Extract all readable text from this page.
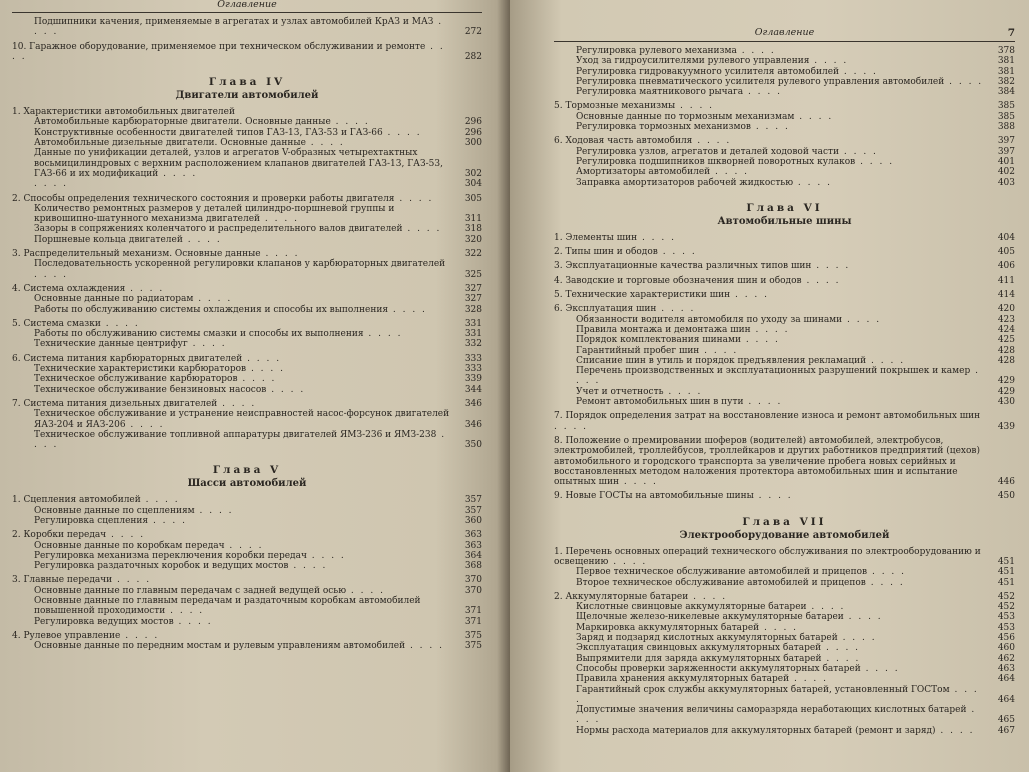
Оглавление
Подшипники качения, применяемые в агрегатах и узлах автомобилей КрАЗ и МАЗ . . . .	272
10. Гаражное оборудование, применяемое при техническом обслуживании и ремонте . . . .	282
Глава IV
Двигатели автомобилей
1. Характеристики автомобильных двигателей
Автомобильные карбюраторные двигатели. Основные данные . . . .	296
Конструктивные особенности двигателей типов ГАЗ-13, ГАЗ-53 и ГАЗ-66 . . . .	296
Автомобильные дизельные двигатели. Основные данные . . . .	300
Данные по унификации деталей, узлов и агрегатов V-образных четырехтактных восьмицилиндровых с верхним расположением клапанов двигателей ГАЗ-13, ГАЗ-53, ГАЗ-66 и их модификаций . . . .	302
. . . .	304
2. Способы определения технического состояния и проверки работы двигателя . . . .	305
Количество ремонтных размеров у деталей цилиндро-поршневой группы и кривошипно-шатунного механизма двигателей . . . .	311
Зазоры в сопряжениях коленчатого и распределительного валов двигателей . . . .	318
Поршневые кольца двигателей . . . .	320
3. Распределительный механизм. Основные данные . . . .	322
Последовательность ускоренной регулировки клапанов у карбюраторных двигателей . . . .	325
4. Система охлаждения . . . .	327
Основные данные по радиаторам . . . .	327
Работы по обслуживанию системы охлаждения и способы их выполнения . . . .	328
5. Система смазки . . . .	331
Работы по обслуживанию системы смазки и способы их выполнения . . . .	331
Технические данные центрифуг . . . .	332
6. Система питания карбюраторных двигателей . . . .	333
Технические характеристики карбюраторов . . . .	333
Техническое обслуживание карбюраторов . . . .	339
Техническое обслуживание бензиновых насосов . . . .	344
7. Система питания дизельных двигателей . . . .	346
Техническое обслуживание и устранение неисправностей насос-форсунок двигателей ЯАЗ-204 и ЯАЗ-206 . . . .	346
Техническое обслуживание топливной аппаратуры двигателей ЯМЗ-236 и ЯМЗ-238 . . . .	350
Глава V
Шасси автомобилей
1. Сцепления автомобилей . . . .	357
Основные данные по сцеплениям . . . .	357
Регулировка сцепления . . . .	360
2. Коробки передач . . . .	363
Основные данные по коробкам передач . . . .	363
Регулировка механизма переключения коробки передач . . . .	364
Регулировка раздаточных коробок и ведущих мостов . . . .	368
3. Главные передачи . . . .	370
Основные данные по главным передачам с задней ведущей осью . . . .	370
Основные данные по главным передачам и раздаточным коробкам автомобилей повышенной проходимости . . . .	371
Регулировка ведущих мостов . . . .	371
4. Рулевое управление . . . .	375
Основные данные по передним мостам и рулевым управлениям автомобилей . . . .	375
Оглавление	7
Регулировка рулевого механизма . . . .	378
Уход за гидроусилителями рулевого управления . . . .	381
Регулировка гидровакуумного усилителя автомобилей . . . .	381
Регулировка пневматического усилителя рулевого управления автомобилей . . . .	382
Регулировка маятникового рычага . . . .	384
5. Тормозные механизмы . . . .	385
Основные данные по тормозным механизмам . . . .	385
Регулировка тормозных механизмов . . . .	388
6. Ходовая часть автомобиля . . . .	397
Регулировка узлов, агрегатов и деталей ходовой части . . . .	397
Регулировка подшипников шкворней поворотных кулаков . . . .	401
Амортизаторы автомобилей . . . .	402
Заправка амортизаторов рабочей жидкостью . . . .	403
Глава VI
Автомобильные шины
1. Элементы шин . . . .	404
2. Типы шин и ободов . . . .	405
3. Эксплуатационные качества различных типов шин . . . .	406
4. Заводские и торговые обозначения шин и ободов . . . .	411
5. Технические характеристики шин . . . .	414
6. Эксплуатация шин . . . .	420
Обязанности водителя автомобиля по уходу за шинами . . . .	423
Правила монтажа и демонтажа шин . . . .	424
Порядок комплектования шинами . . . .	425
Гарантийный пробег шин . . . .	428
Списание шин в утиль и порядок предъявления рекламаций . . . .	428
Перечень производственных и эксплуатационных разрушений покрышек и камер . . . .	429
Учет и отчетность . . . .	429
Ремонт автомобильных шин в пути . . . .	430
7. Порядок определения затрат на восстановление износа и ремонт автомобильных шин . . . .	439
8. Положение о премировании шоферов (водителей) автомобилей, электробусов, электромобилей, троллейбусов, троллейкаров и других работников предприятий (цехов) автомобильного и городского транспорта за увеличение пробега новых серийных и восстановленных методом наложения протектора автомобильных шин и испытание опытных шин . . . .	446
9. Новые ГОСТы на автомобильные шины . . . .	450
Глава VII
Электрооборудование автомобилей
1. Перечень основных операций технического обслуживания по электрооборудованию и освещению . . . .	451
Первое техническое обслуживание автомобилей и прицепов . . . .	451
Второе техническое обслуживание автомобилей и прицепов . . . .	451
2. Аккумуляторные батареи . . . .	452
Кислотные свинцовые аккумуляторные батареи . . . .	452
Щелочные железо-никелевые аккумуляторные батареи . . . .	453
Маркировка аккумуляторных батарей . . . .	453
Заряд и подзаряд кислотных аккумуляторных батарей . . . .	456
Эксплуатация свинцовых аккумуляторных батарей . . . .	460
Выпрямители для заряда аккумуляторных батарей . . . .	462
Способы проверки заряженности аккумуляторных батарей . . . .	463
Правила хранения аккумуляторных батарей . . . .	464
Гарантийный срок службы аккумуляторных батарей, установленный ГОСТом . . . .	464
Допустимые значения величины саморазряда неработающих кислотных батарей . . . .	465
Нормы расхода материалов для аккумуляторных батарей (ремонт и заряд) . . . .	467
